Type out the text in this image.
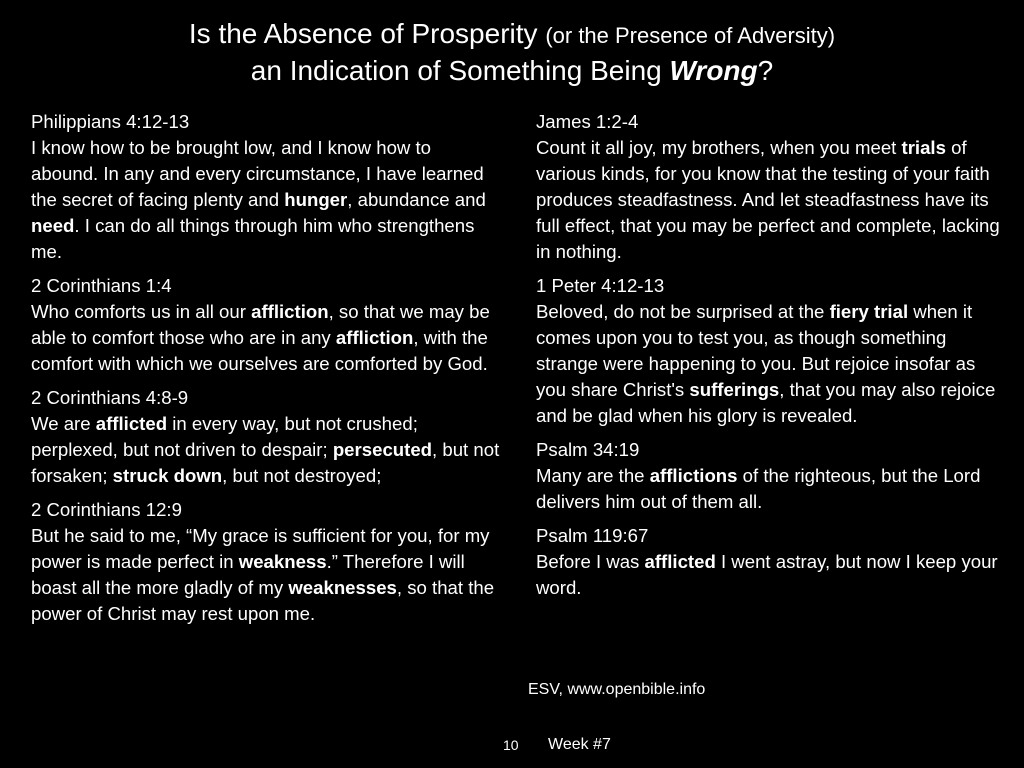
Is the Absence of Prosperity (or the Presence of Adversity)
an Indication of Something Being Wrong?
Philippians 4:12-13
I know how to be brought low, and I know how to abound. In any and every circumstance, I have learned the secret of facing plenty and hunger, abundance and need. I can do all things through him who strengthens me.
2 Corinthians 1:4
Who comforts us in all our affliction, so that we may be able to comfort those who are in any affliction, with the comfort with which we ourselves are comforted by God.
2 Corinthians 4:8-9
We are afflicted in every way, but not crushed; perplexed, but not driven to despair; persecuted, but not forsaken; struck down, but not destroyed;
2 Corinthians 12:9
But he said to me, “My grace is sufficient for you, for my power is made perfect in weakness.” Therefore I will boast all the more gladly of my weaknesses, so that the power of Christ may rest upon me.
James 1:2-4
Count it all joy, my brothers, when you meet trials of various kinds, for you know that the testing of your faith produces steadfastness. And let steadfastness have its full effect, that you may be perfect and complete, lacking in nothing.
1 Peter 4:12-13
Beloved, do not be surprised at the fiery trial when it comes upon you to test you, as though something strange were happening to you. But rejoice insofar as you share Christ's sufferings, that you may also rejoice and be glad when his glory is revealed.
Psalm 34:19
Many are the afflictions of the righteous, but the Lord delivers him out of them all.
Psalm 119:67
Before I was afflicted I went astray, but now I keep your word.
ESV, www.openbible.info
10 Week #7
